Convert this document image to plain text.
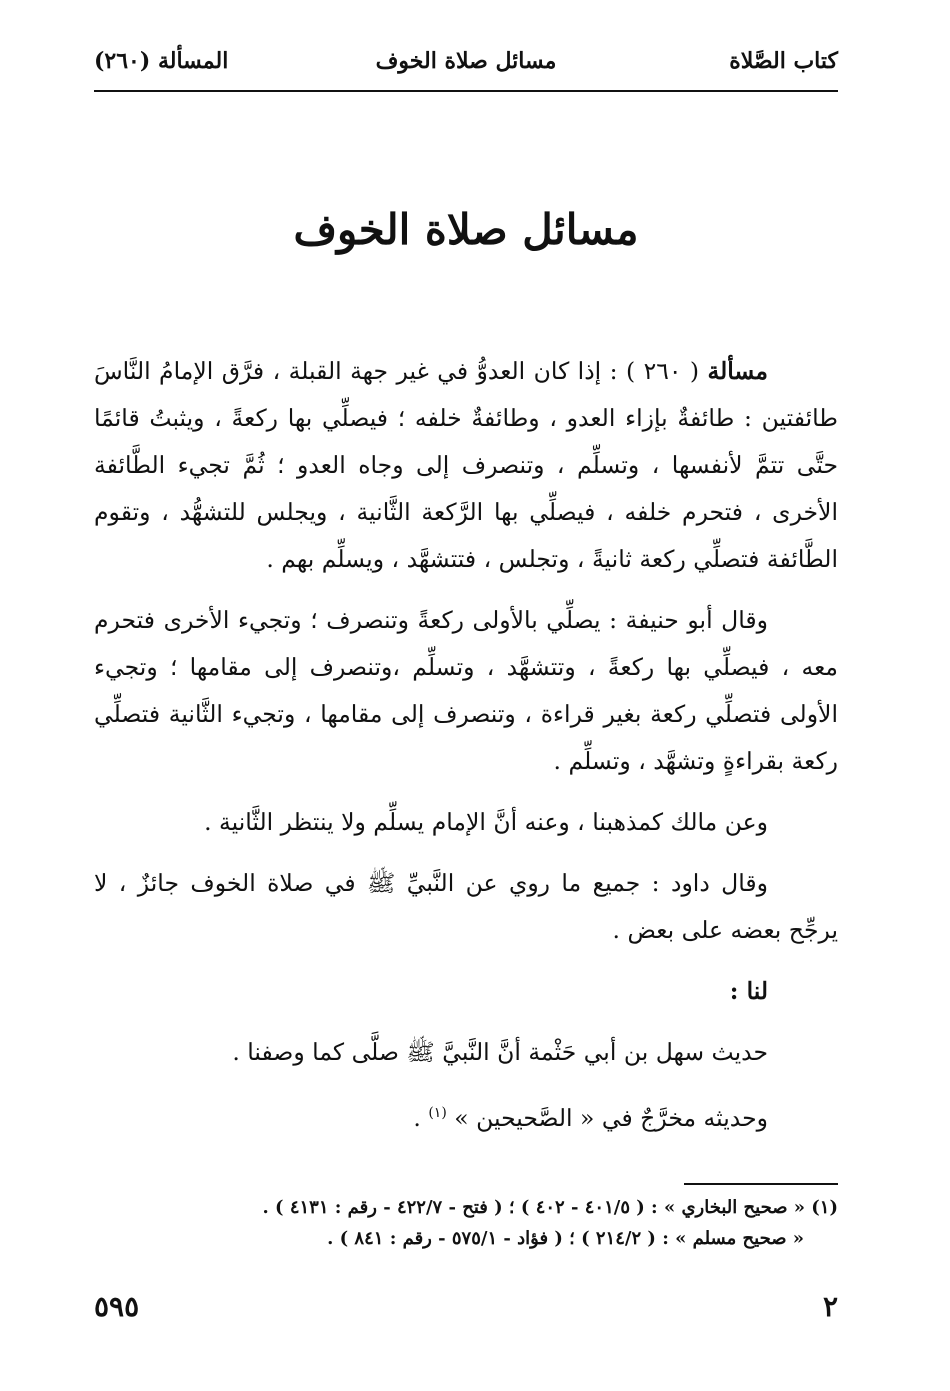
كتاب الصَّلاة
مسائل صلاة الخوف
المسألة (٢٦٠)
مسائل صلاة الخوف

مسألة ( ٢٦٠ ) : إذا كان العدوُّ في غير جهة القبلة ، فرَّق الإمامُ النَّاسَ طائفتين : طائفةٌ بإزاء العدو ، وطائفةٌ خلفه ؛ فيصلِّي بها ركعةً ، ويثبتُ قائمًا حتَّى تتمَّ لأنفسها ، وتسلِّم ، وتنصرف إلى وجاه العدو ؛ ثُمَّ تجيء الطَّائفة الأخرى ، فتحرم خلفه ، فيصلِّي بها الرَّكعة الثَّانية ، ويجلس للتشهُّد ، وتقوم الطَّائفة فتصلِّي ركعة ثانيةً ، وتجلس ، فتتشهَّد ، ويسلِّم بهم .

وقال أبو حنيفة : يصلِّي بالأولى ركعةً وتنصرف ؛ وتجيء الأخرى فتحرم معه ، فيصلِّي بها ركعةً ، وتتشهَّد ، وتسلِّم ،وتنصرف إلى مقامها ؛ وتجيء الأولى فتصلِّي ركعة بغير قراءة ، وتنصرف إلى مقامها ، وتجيء الثَّانية فتصلِّي ركعة بقراءةٍ وتشهَّد ، وتسلِّم .

وعن مالك كمذهبنا ، وعنه أنَّ الإمام يسلِّم ولا ينتظر الثَّانية .

وقال داود : جميع ما روي عن النَّبيِّ ﷺ في صلاة الخوف جائزٌ ، لا يرجِّح بعضه على بعض .

لنا :

حديث سهل بن أبي حَثْمة أنَّ النَّبيَّ ﷺ صلَّى كما وصفنا .

وحديثه مخرَّجٌ في « الصَّحيحين » $^{(١)}$ .

(١) « صحيح البخاري » : ( ٤٠١/٥ - ٤٠٢ ) ؛ ( فتح - ٤٢٢/٧ - رقم : ٤١٣١ ) .

« صحيح مسلم » : ( ٢١٤/٢ ) ؛ ( فؤاد - ٥٧٥/١ - رقم : ٨٤١ ) .

٥٩٥	٢
